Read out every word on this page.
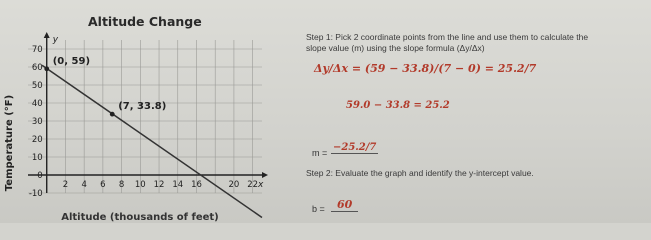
Altitude Change
x
y
2 4 6 8 10 12 14 16	20 22
70
60
50
40
30
20
10
0
-10
(0, 59)
(7, 33.8)
Temperature (°F)
Altitude (thousands of feet)
Step 1: Pick 2 coordinate points from the line and use them to calculate the
slope value (m) using the slope formula (Δy/Δx)
Δy/Δx = (59 − 33.8)/(7 − 0) = 25.2/7
59.0 − 33.8 = 25.2
m = −25.2/7
Step 2: Evaluate the graph and identify the y-intercept value.
b =	60
